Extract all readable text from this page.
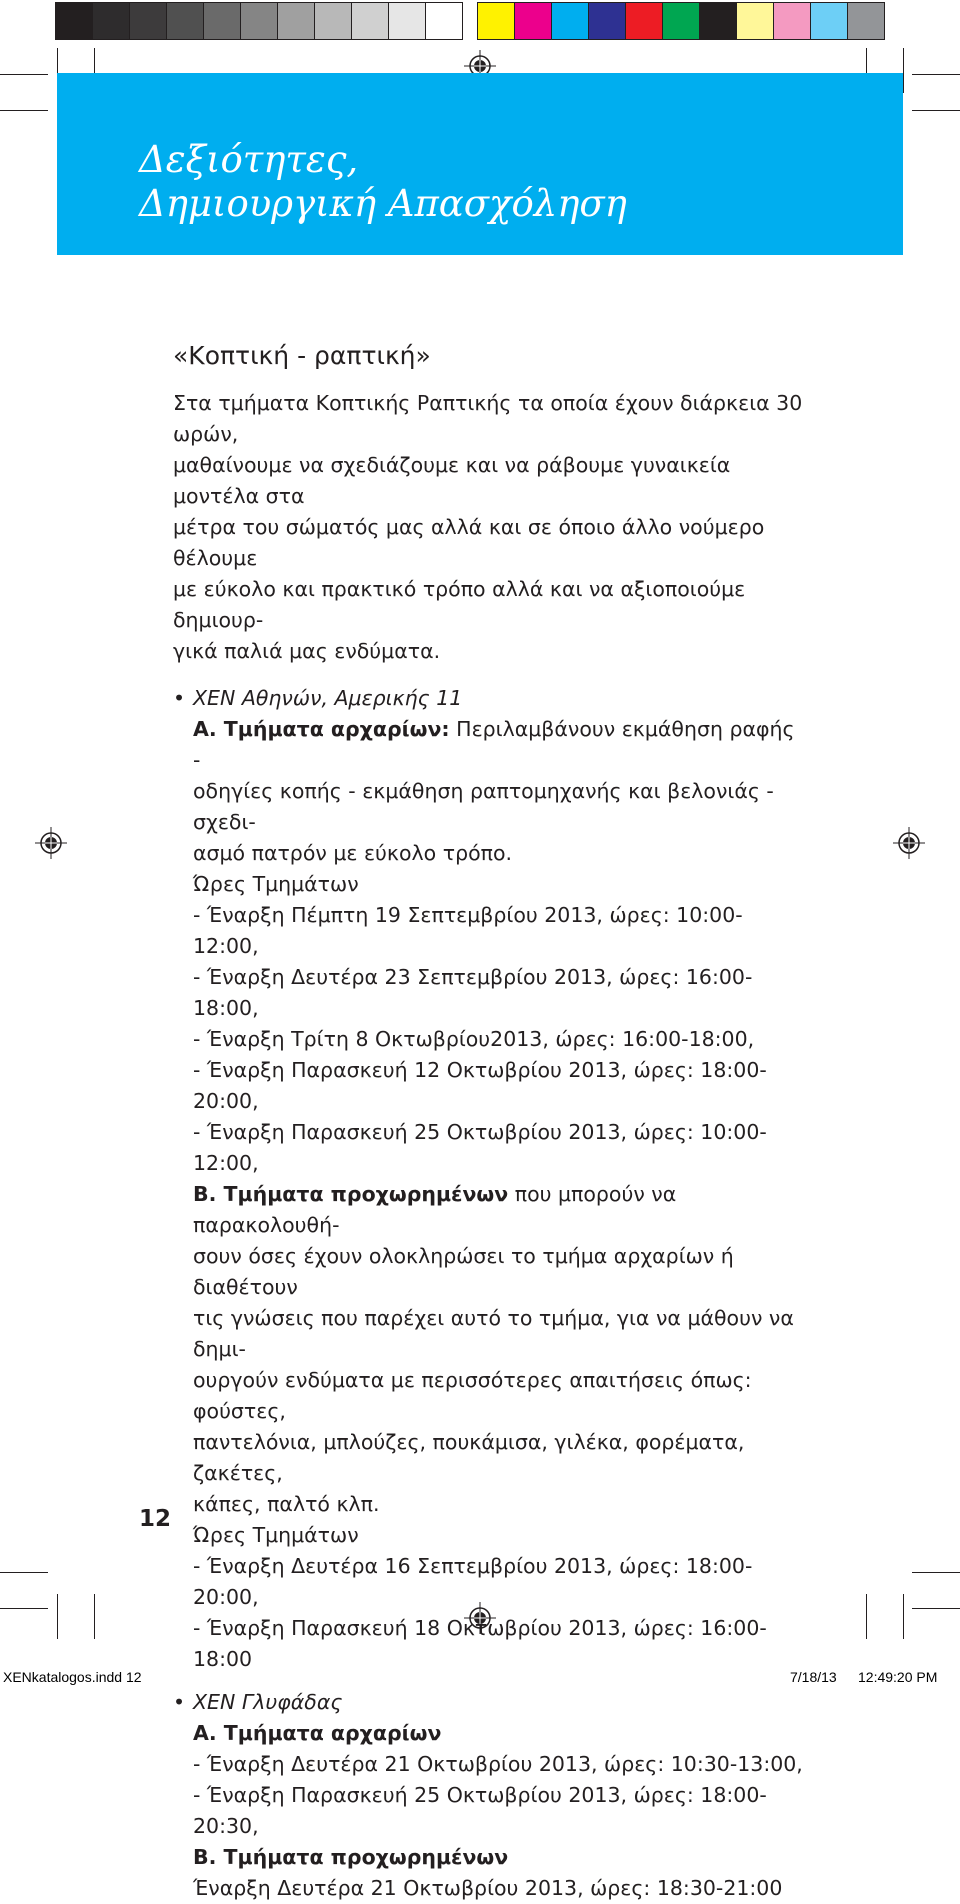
Δεξιότητες,
Δημιουργική Απασχόληση
«Κοπτική - ραπτική»
Στα τμήματα Κοπτικής Ραπτικής τα οποία έχουν διάρκεια 30 ωρών,
μαθαίνουμε να σχεδιάζουμε και να ράβουμε γυναικεία μοντέλα στα
μέτρα του σώματός μας αλλά και σε όποιο άλλο νούμερο θέλουμε
με εύκολο και πρακτικό τρόπο αλλά και να αξιοποιούμε δημιουρ-
γικά παλιά μας ενδύματα.

• ΧΕΝ Αθηνών, Αμερικής 11

Α. Τμήματα αρχαρίων: Περιλαμβάνουν εκμάθηση ραφής -
οδηγίες κοπής - εκμάθηση ραπτομηχανής και βελονιάς - σχεδι-
ασμό πατρόν με εύκολο τρόπο.
Ώρες Τμημάτων
- Έναρξη Πέμπτη 19 Σεπτεμβρίου 2013, ώρες: 10:00-12:00,
- Έναρξη Δευτέρα 23 Σεπτεμβρίου 2013, ώρες: 16:00-18:00,
- Έναρξη Τρίτη 8 Οκτωβρίου2013, ώρες: 16:00-18:00,
- Έναρξη Παρασκευή 12 Οκτωβρίου 2013, ώρες: 18:00-20:00,
- Έναρξη Παρασκευή 25 Οκτωβρίου 2013, ώρες: 10:00-12:00,
Β. Τμήματα προχωρημένων που μπορούν να παρακολουθή-
σουν όσες έχουν ολοκληρώσει το τμήμα αρχαρίων ή διαθέτουν
τις γνώσεις που παρέχει αυτό το τμήμα, για να μάθουν να δημι-
ουργούν ενδύματα με περισσότερες απαιτήσεις όπως: φούστες,
παντελόνια, μπλούζες, πουκάμισα, γιλέκα, φορέματα, ζακέτες,
κάπες, παλτό κλπ.
Ώρες Τμημάτων
- Έναρξη Δευτέρα 16 Σεπτεμβρίου 2013, ώρες: 18:00-20:00,
- Έναρξη Παρασκευή 18 Οκτωβρίου 2013, ώρες: 16:00-18:00

• ΧΕΝ Γλυφάδας

Α. Τμήματα αρχαρίων
- Έναρξη Δευτέρα 21 Οκτωβρίου 2013, ώρες: 10:30-13:00,
- Έναρξη Παρασκευή 25 Οκτωβρίου 2013, ώρες: 18:00-20:30,
Β. Τμήματα προχωρημένων
Έναρξη Δευτέρα 21 Οκτωβρίου 2013, ώρες: 18:30-21:00
12
XENkatalogos.indd 12	7/18/13 12:49:20 PM
